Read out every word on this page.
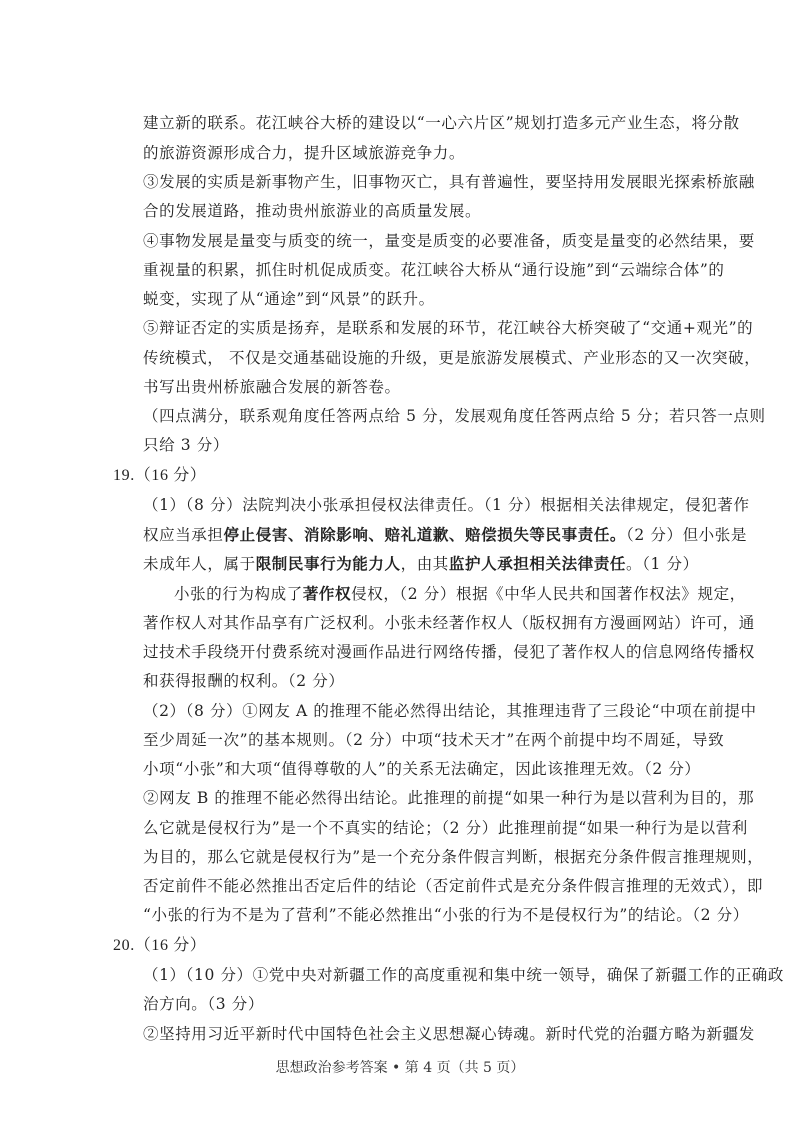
建立新的联系。花江峡谷大桥的建设以“一心六片区”规划打造多元产业生态，将分散
的旅游资源形成合力，提升区域旅游竞争力。
③发展的实质是新事物产生，旧事物灭亡，具有普遍性，要坚持用发展眼光探索桥旅融
合的发展道路，推动贵州旅游业的高质量发展。
④事物发展是量变与质变的统一，量变是质变的必要准备，质变是量变的必然结果，要
重视量的积累，抓住时机促成质变。花江峡谷大桥从“通行设施”到“云端综合体”的
蜕变，实现了从“通途”到“风景”的跃升。
⑤辩证否定的实质是扬弃，是联系和发展的环节，花江峡谷大桥突破了“交通+观光”的
传统模式， 不仅是交通基础设施的升级，更是旅游发展模式、产业形态的又一次突破，
书写出贵州桥旅融合发展的新答卷。
（四点满分，联系观角度任答两点给 5 分，发展观角度任答两点给 5 分；若只答一点则
只给 3 分）
19.（16 分）
（1）（8 分）法院判决小张承担侵权法律责任。（1 分）根据相关法律规定，侵犯著作
权应当承担停止侵害、消除影响、赔礼道歉、赔偿损失等民事责任。（2 分）但小张是
未成年人，属于限制民事行为能力人，由其监护人承担相关法律责任。（1 分）
小张的行为构成了著作权侵权，（2 分）根据《中华人民共和国著作权法》规定，
著作权人对其作品享有广泛权利。小张未经著作权人（版权拥有方漫画网站）许可，通
过技术手段绕开付费系统对漫画作品进行网络传播，侵犯了著作权人的信息网络传播权
和获得报酬的权利。（2 分）
（2）（8 分）①网友 A 的推理不能必然得出结论，其推理违背了三段论“中项在前提中
至少周延一次”的基本规则。（2 分）中项“技术天才”在两个前提中均不周延，导致
小项“小张”和大项“值得尊敬的人”的关系无法确定，因此该推理无效。（2 分）
②网友 B 的推理不能必然得出结论。此推理的前提“如果一种行为是以营利为目的，那
么它就是侵权行为”是一个不真实的结论；（2 分）此推理前提“如果一种行为是以营利
为目的，那么它就是侵权行为”是一个充分条件假言判断，根据充分条件假言推理规则，
否定前件不能必然推出否定后件的结论（否定前件式是充分条件假言推理的无效式），即
“小张的行为不是为了营利”不能必然推出“小张的行为不是侵权行为”的结论。（2 分）
20.（16 分）
（1）（10 分）①党中央对新疆工作的高度重视和集中统一领导，确保了新疆工作的正确政
治方向。（3 分）
②坚持用习近平新时代中国特色社会主义思想凝心铸魂。新时代党的治疆方略为新疆发
思想政治参考答案 • 第 4 页（共 5 页）
